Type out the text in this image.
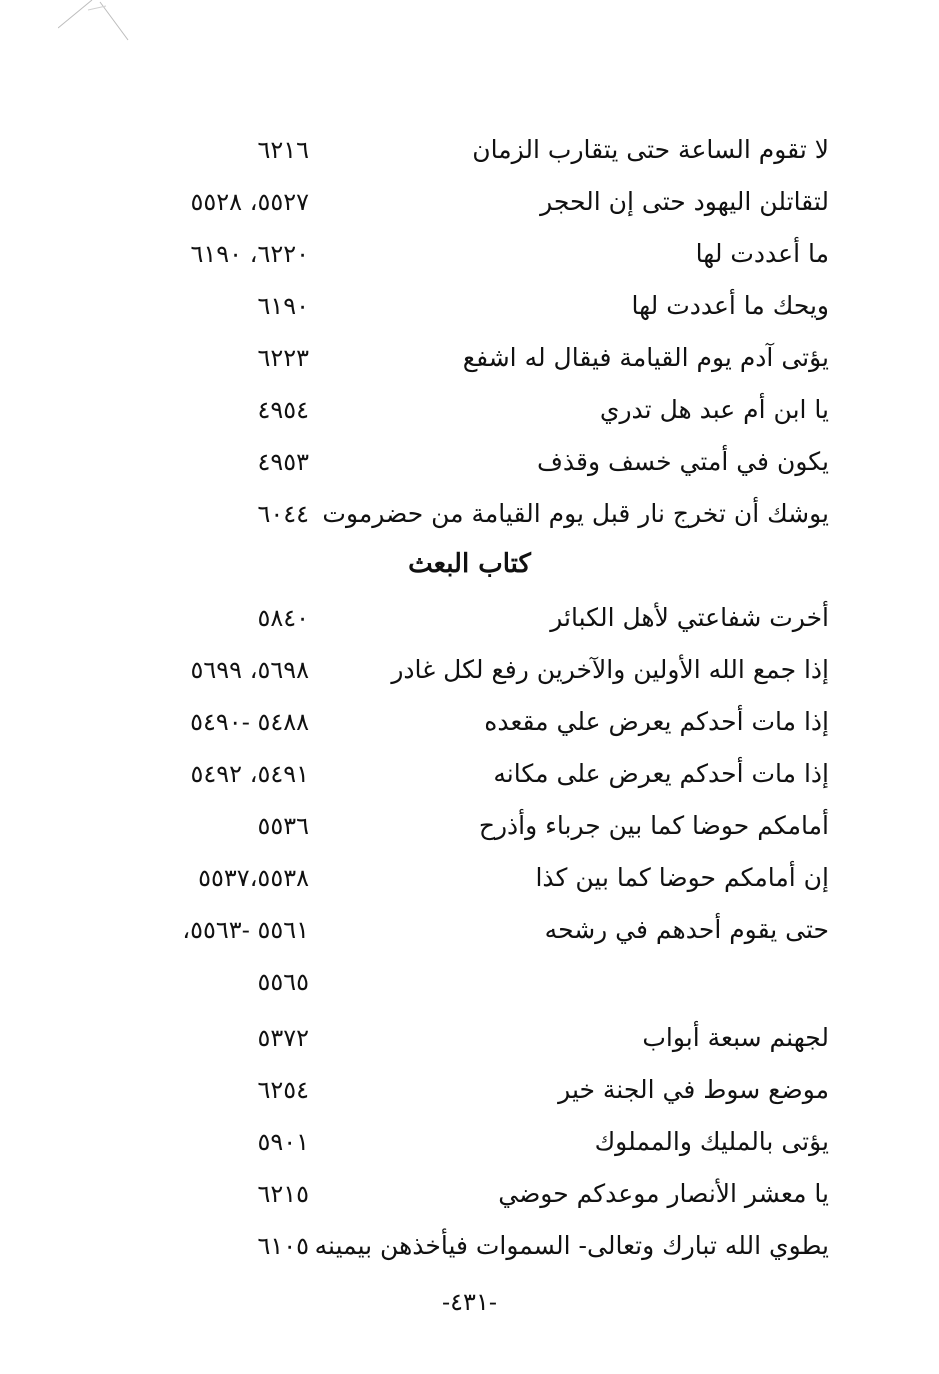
لا تقوم الساعة حتى يتقارب الزمان
٦٢١٦
لتقاتلن اليهود حتى إن الحجر
٥٥٢٧، ٥٥٢٨
ما أعددت لها
٦٢٢٠، ٦١٩٠
ويحك ما أعددت لها
٦١٩٠
يؤتى آدم يوم القيامة فيقال له اشفع
٦٢٢٣
يا ابن أم عبد هل تدري
٤٩٥٤
يكون في أمتي خسف وقذف
٤٩٥٣
يوشك أن تخرج نار قبل يوم القيامة من حضرموت
٦٠٤٤
كتاب البعث
أخرت شفاعتي لأهل الكبائر
٥٨٤٠
إذا جمع الله الأولين والآخرين رفع لكل غادر
٥٦٩٨، ٥٦٩٩
إذا مات أحدكم يعرض علي مقعده
٥٤٨٨ -٥٤٩٠
إذا مات أحدكم يعرض على مكانه
٥٤٩١، ٥٤٩٢
أمامكم حوضا كما بين جرباء وأذرح
٥٥٣٦
إن أمامكم حوضا كما بين كذا
٥٥٣٧،٥٥٣٨
حتى يقوم أحدهم في رشحه
٥٥٦١ -٥٥٦٣،
٥٥٦٥
لجهنم سبعة أبواب
٥٣٧٢
موضع سوط في الجنة خير
٦٢٥٤
يؤتى بالمليك والمملوك
٥٩٠١
يا معشر الأنصار موعدكم حوضي
٦٢١٥
يطوي الله تبارك وتعالى- السموات فيأخذهن بيمينه
٦١٠٥
-٤٣١-
